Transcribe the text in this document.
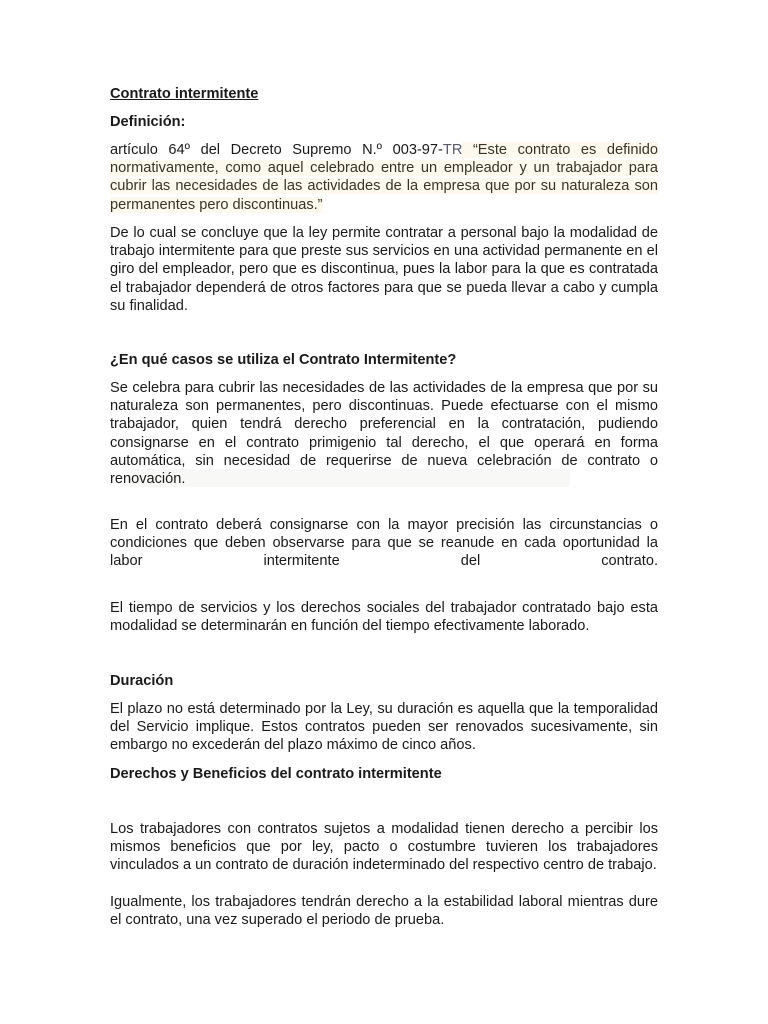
Contrato intermitente

Definición:

artículo 64º del Decreto Supremo N.º 003-97-TR “Este contrato es definido normativamente, como aquel celebrado entre un empleador y un trabajador para cubrir las necesidades de las actividades de la empresa que por su naturaleza son permanentes pero discontinuas.”

De lo cual se concluye que la ley permite contratar a personal bajo la modalidad de trabajo intermitente para que preste sus servicios en una actividad permanente en el giro del empleador, pero que es discontinua, pues la labor para la que es contratada el trabajador dependerá de otros factores para que se pueda llevar a cabo y cumpla su finalidad.

¿En qué casos se utiliza el Contrato Intermitente?

Se celebra para cubrir las necesidades de las actividades de la empresa que por su naturaleza son permanentes, pero discontinuas. Puede efectuarse con el mismo trabajador, quien tendrá derecho preferencial en la contratación, pudiendo consignarse en el contrato primigenio tal derecho, el que operará en forma automática, sin necesidad de requerirse de nueva celebración de contrato o renovación.

En el contrato deberá consignarse con la mayor precisión las circunstancias o condiciones que deben observarse para que se reanude en cada oportunidad la labor intermitente del contrato.

El tiempo de servicios y los derechos sociales del trabajador contratado bajo esta modalidad se determinarán en función del tiempo efectivamente laborado.

Duración

El plazo no está determinado por la Ley, su duración es aquella que la temporalidad del Servicio implique. Estos contratos pueden ser renovados sucesivamente, sin embargo no excederán del plazo máximo de cinco años.

Derechos y Beneficios del contrato intermitente

Los trabajadores con contratos sujetos a modalidad tienen derecho a percibir los mismos beneficios que por ley, pacto o costumbre tuvieren los trabajadores vinculados a un contrato de duración indeterminado del respectivo centro de trabajo.

Igualmente, los trabajadores tendrán derecho a la estabilidad laboral mientras dure el contrato, una vez superado el periodo de prueba.
